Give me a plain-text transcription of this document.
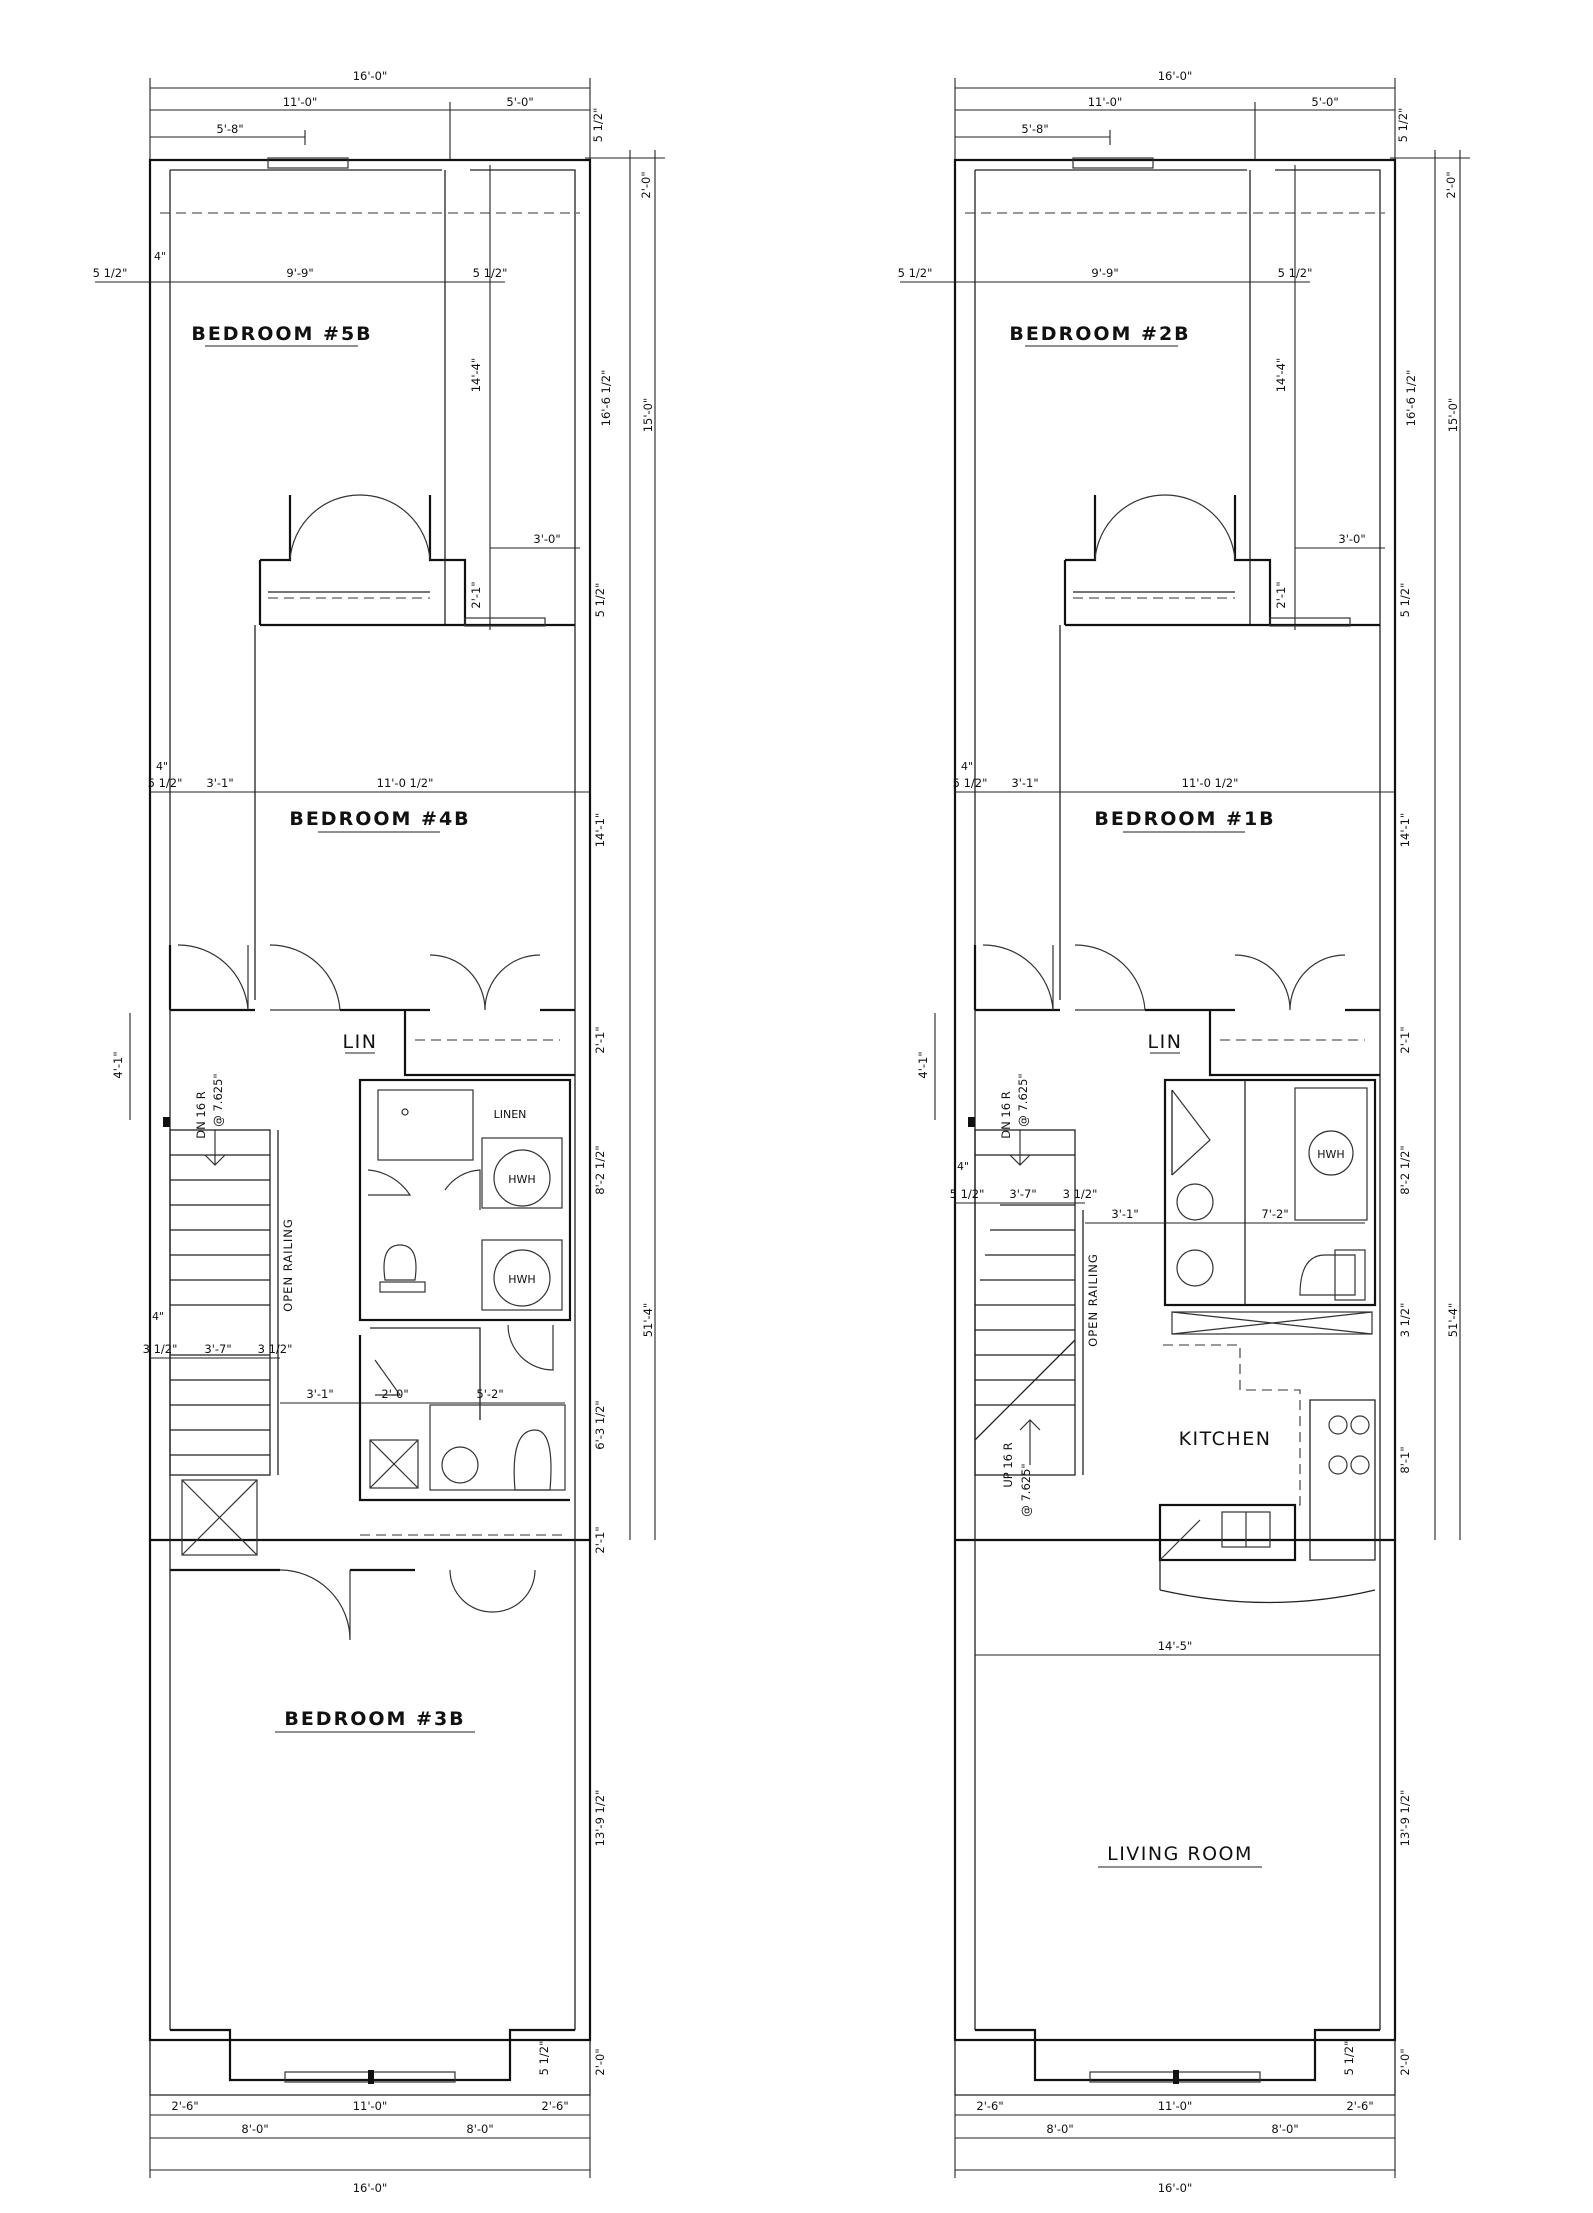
16'-0"
11'-0"	5'-0"
5'-8"	5 1/2"
2'-0"
5 1/2"	9'-9"	5 1/2"
4"
14'-4"	16'-6 1/2" 15'-0"
BEDROOM #5B
3'-0"
2'-1"	5 1/2"
4"
5 1/2" 3'-1"	11'-0 1/2"
14'-1"
BEDROOM #4B
LIN	2'-1"
4'-1"
DN 16 R @ 7.625"
OPEN RAILING
4"
3 1/2" 3'-7" 3 1/2"
LINEN
HWH
HWH
3'-1"	2'-0"	5'-2"
8'-2 1/2"
6'-3 1/2"
51'-4"
2'-1"
BEDROOM #3B
13'-9 1/2"
5 1/2"	2'-0"
2'-6"	11'-0"	2'-6"
8'-0"	8'-0"
16'-0"
16'-0"
11'-0"	5'-0"
5'-8"	5 1/2"
2'-0"
5 1/2"	9'-9"	5 1/2"
14'-4"	16'-6 1/2" 15'-0"
BEDROOM #2B
3'-0"
2'-1"	5 1/2"
4"
5 1/2" 3'-1"	11'-0 1/2"
14'-1"
BEDROOM #1B
LIN	2'-1"
4'-1"
DN 16 R @ 7.625"
UP 16 R @ 7.625"
OPEN RAILING
4"
5 1/2" 3'-7" 3 1/2"
HWH
3'-1"	7'-2"
8'-2 1/2"
3 1/2"	51'-4"
KITCHEN
8'-1"
14'-5"
LIVING ROOM
13'-9 1/2"
5 1/2"	2'-0"
2'-6"	11'-0"	2'-6"
8'-0"	8'-0"
16'-0"
